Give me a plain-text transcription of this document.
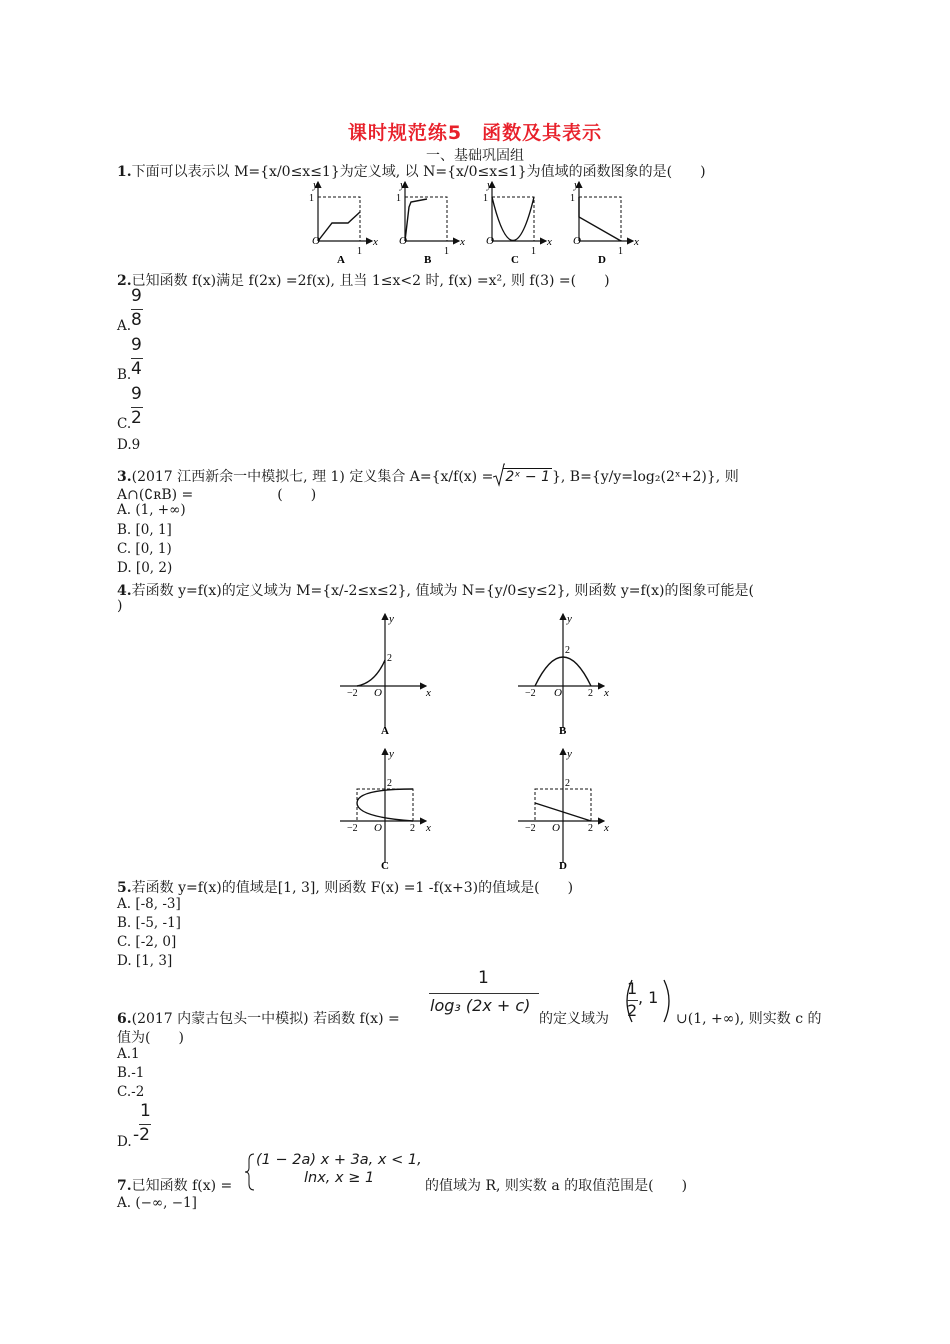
课时规范练5　函数及其表示
一、基础巩固组
1.下面可以表示以 M={x/0≤x≤1}为定义域, 以 N={x/0≤x≤1}为值域的函数图象的是(　　)
O
1
1
y
x
A
O
1
1
y
x
B
O
1
1
y
x
C
O
1
1
y
x
D
2.已知函数 f(x)满足 f(2x) =2f(x), 且当 1≤x<2 时, f(x) =x², 则 f(3) =(　　)
9
A. 8
9
B. 4
9
C. 2
D.9
3.(2017 江西新余一中模拟七, 理 1) 定义集合 A={x/f(x) = 2ˣ − 1 }, B={y/y=log₂(2ˣ+2)}, 则
A∩(∁ʀB) =　　　　　　(　　)
A. (1, +∞)
B. [0, 1]
C. [0, 1)
D. [0, 2)
4.若函数 y=f(x)的定义域为 M={x/-2≤x≤2}, 值域为 N={y/0≤y≤2}, 则函数 y=f(x)的图象可能是(
)
y
x
O
−2
2
A
y
x
O
−2	2
2
B
y
x
O
−2	2
2
C
y
x
O
−2	2
2
D
5.若函数 y=f(x)的值域是[1, 3], 则函数 F(x) =1 -f(x+3)的值域是(　　)
A. [-8, -3]
B. [-5, -1]
C. [-2, 0]
D. [1, 3]
1
log₃ (2x + c)
6.(2017 内蒙古包头一中模拟) 若函数 f(x) =	的定义域为
1
2
, 1
∪(1, +∞), 则实数 c 的
值为(　　)
A.1
B.-1
C.-2
1
D. -2
7.已知函数 f(x) =
(1 − 2a) x + 3a, x < 1,
lnx, x ≥ 1	的值域为 R, 则实数 a 的取值范围是(　　)
A. (−∞, −1]
